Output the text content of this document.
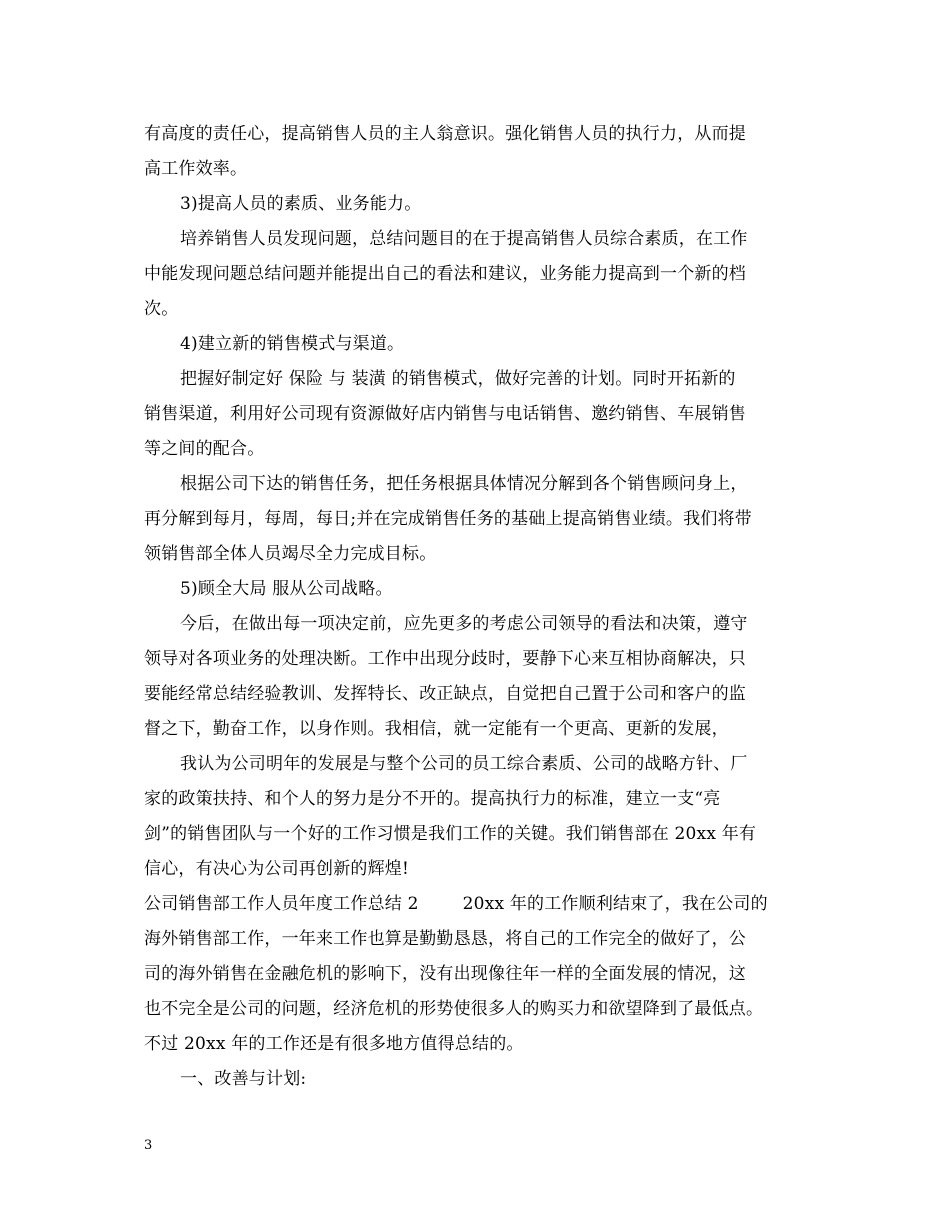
有高度的责任心，提高销售人员的主人翁意识。强化销售人员的执行力，从而提
高工作效率。
3)提高人员的素质、业务能力。
培养销售人员发现问题，总结问题目的在于提高销售人员综合素质，在工作
中能发现问题总结问题并能提出自己的看法和建议，业务能力提高到一个新的档
次。
4)建立新的销售模式与渠道。
把握好制定好 保险 与 装潢 的销售模式，做好完善的计划。同时开拓新的
销售渠道，利用好公司现有资源做好店内销售与电话销售、邀约销售、车展销售
等之间的配合。
根据公司下达的销售任务，把任务根据具体情况分解到各个销售顾问身上，
再分解到每月，每周，每日;并在完成销售任务的基础上提高销售业绩。我们将带
领销售部全体人员竭尽全力完成目标。
5)顾全大局 服从公司战略。
今后，在做出每一项决定前，应先更多的考虑公司领导的看法和决策，遵守
领导对各项业务的处理决断。工作中出现分歧时，要静下心来互相协商解决，只
要能经常总结经验教训、发挥特长、改正缺点，自觉把自己置于公司和客户的监
督之下，勤奋工作，以身作则。我相信，就一定能有一个更高、更新的发展，
我认为公司明年的发展是与整个公司的员工综合素质、公司的战略方针、厂
家的政策扶持、和个人的努力是分不开的。提高执行力的标准，建立一支“亮
剑”的销售团队与一个好的工作习惯是我们工作的关键。我们销售部在 20xx 年有
信心，有决心为公司再创新的辉煌!
公司销售部工作人员年度工作总结 2	20xx 年的工作顺利结束了，我在公司的
海外销售部工作，一年来工作也算是勤勤恳恳，将自己的工作完全的做好了，公
司的海外销售在金融危机的影响下，没有出现像往年一样的全面发展的情况，这
也不完全是公司的问题，经济危机的形势使很多人的购买力和欲望降到了最低点。
不过 20xx 年的工作还是有很多地方值得总结的。
一、改善与计划:
3
